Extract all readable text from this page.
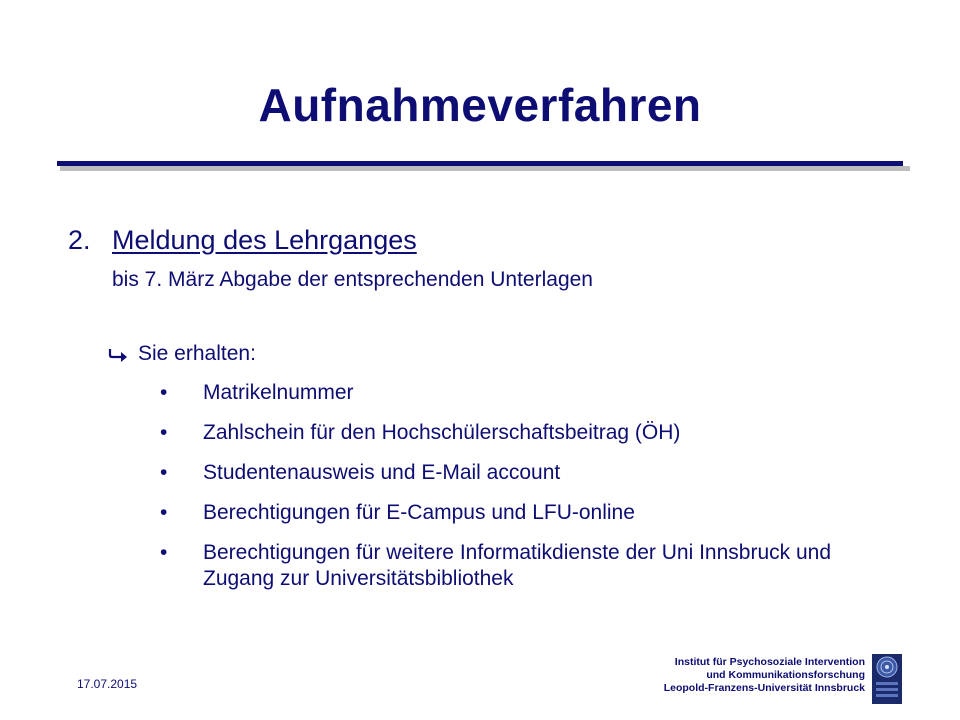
Aufnahmeverfahren
2. Meldung des Lehrganges
bis 7. März Abgabe der entsprechenden Unterlagen
Sie erhalten:
•	Matrikelnummer
•	Zahlschein für den Hochschülerschaftsbeitrag (ÖH)
•	Studentenausweis und E-Mail account
•	Berechtigungen für E-Campus und LFU-online
•	Berechtigungen für weitere Informatikdienste der Uni Innsbruck und Zugang zur Universitätsbibliothek
17.07.2015
Institut für Psychosoziale Intervention
und Kommunikationsforschung
Leopold-Franzens-Universität Innsbruck
